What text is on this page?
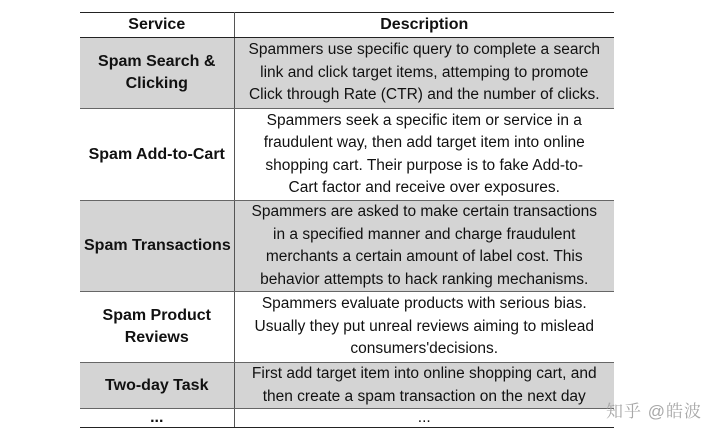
Service	Description

Spam Search &
Clicking	Spammers use specific query to complete a search
link and click target items, attemping to promote
Click through Rate (CTR) and the number of clicks.

Spam Add-to-Cart	Spammers seek a specific item or service in a
fraudulent way, then add target item into online
shopping cart. Their purpose is to fake Add-to-
Cart factor and receive over exposures.

Spam Transactions	Spammers are asked to make certain transactions
in a specified manner and charge fraudulent
merchants a certain amount of label cost. This
behavior attempts to hack ranking mechanisms.

Spam Product
Reviews	Spammers evaluate products with serious bias.
Usually they put unreal reviews aiming to mislead
consumers'decisions.

Two-day Task	First add target item into online shopping cart, and
then create a spam transaction on the next day

...	...	知乎 @皓波
